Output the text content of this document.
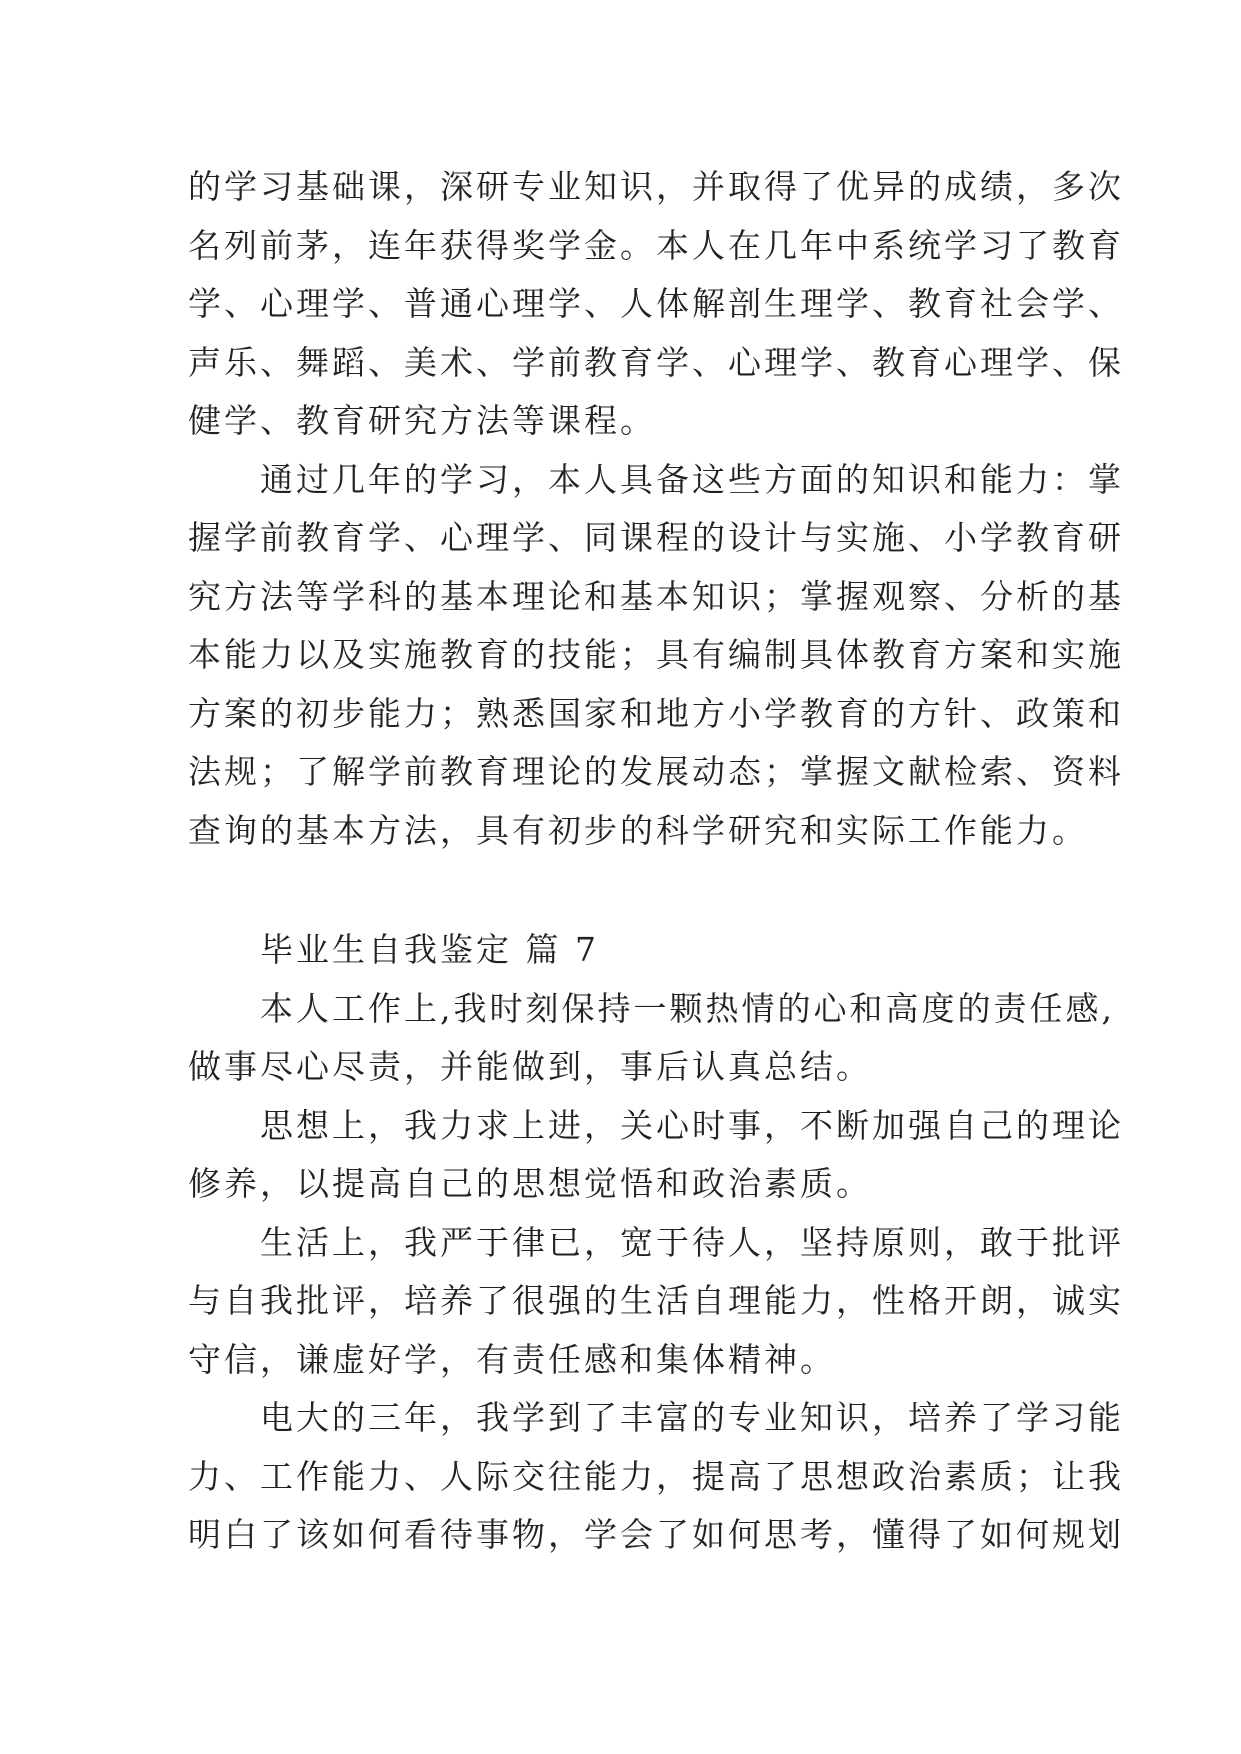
的学习基础课，深研专业知识，并取得了优异的成绩，多次
名列前茅，连年获得奖学金。本人在几年中系统学习了教育
学、心理学、普通心理学、人体解剖生理学、教育社会学、
声乐、舞蹈、美术、学前教育学、心理学、教育心理学、保
健学、教育研究方法等课程。
　　通过几年的学习，本人具备这些方面的知识和能力：掌
握学前教育学、心理学、同课程的设计与实施、小学教育研
究方法等学科的基本理论和基本知识；掌握观察、分析的基
本能力以及实施教育的技能；具有编制具体教育方案和实施
方案的初步能力；熟悉国家和地方小学教育的方针、政策和
法规；了解学前教育理论的发展动态；掌握文献检索、资料
查询的基本方法，具有初步的科学研究和实际工作能力。
　　毕业生自我鉴定 篇 7
　　本人工作上,我时刻保持一颗热情的心和高度的责任感,
做事尽心尽责，并能做到，事后认真总结。
　　思想上，我力求上进，关心时事，不断加强自己的理论
修养，以提高自己的思想觉悟和政治素质。
　　生活上，我严于律已，宽于待人，坚持原则，敢于批评
与自我批评，培养了很强的生活自理能力，性格开朗，诚实
守信，谦虚好学，有责任感和集体精神。
　　电大的三年，我学到了丰富的专业知识，培养了学习能
力、工作能力、人际交往能力，提高了思想政治素质；让我
明白了该如何看待事物，学会了如何思考，懂得了如何规划
